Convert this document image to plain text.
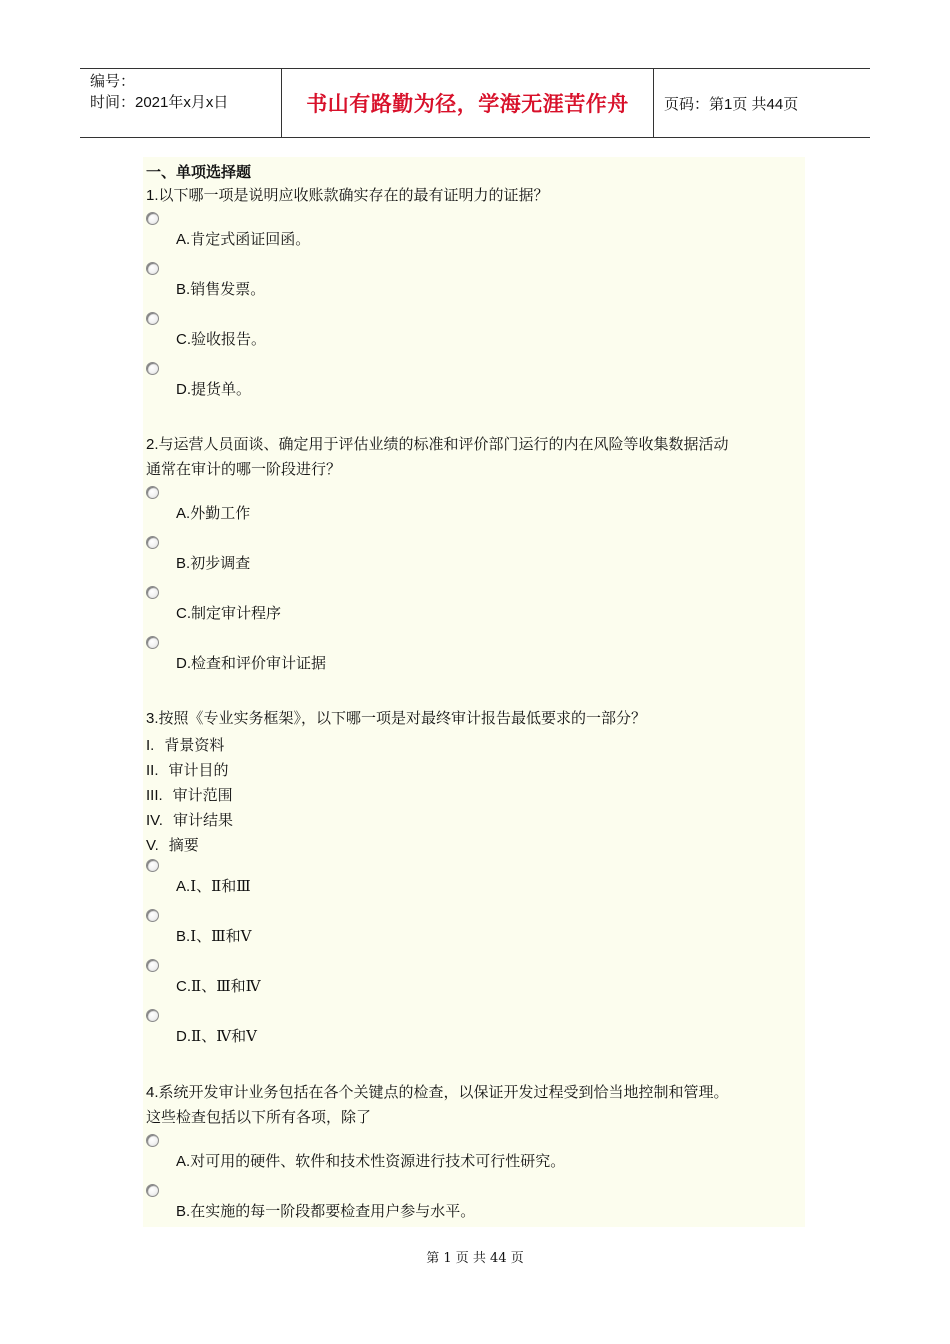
编号：
时间：2021年x月x日	书山有路勤为径，学海无涯苦作舟 页码：第1页 共44页
一、单项选择题
1.以下哪一项是说明应收账款确实存在的最有证明力的证据？
A.肯定式函证回函。
B.销售发票。
C.验收报告。
D.提货单。
2.与运营人员面谈、确定用于评估业绩的标准和评价部门运行的内在风险等收集数据活动
通常在审计的哪一阶段进行？
A.外勤工作
B.初步调查
C.制定审计程序
D.检查和评价审计证据
3.按照《专业实务框架》，以下哪一项是对最终审计报告最低要求的一部分？
I. 背景资料
II. 审计目的
III. 审计范围
IV. 审计结果
V. 摘要
A.I、Ⅱ和Ⅲ
B.I、Ⅲ和Ⅴ
C.Ⅱ、Ⅲ和Ⅳ
D.Ⅱ、Ⅳ和Ⅴ
4.系统开发审计业务包括在各个关键点的检查，以保证开发过程受到恰当地控制和管理。
这些检查包括以下所有各项，除了
A.对可用的硬件、软件和技术性资源进行技术可行性研究。
B.在实施的每一阶段都要检查用户参与水平。
第 1 页 共 44 页
